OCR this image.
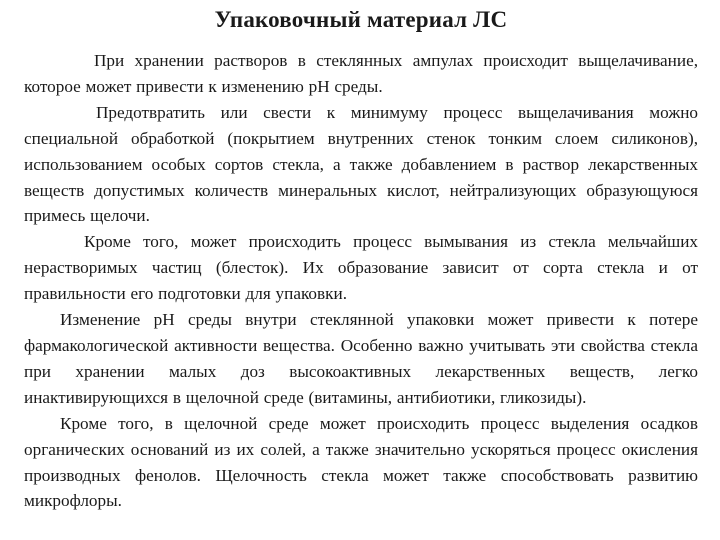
Упаковочный материал ЛС

При хранении растворов в стеклянных ампулах происходит выщелачивание, которое может привести к изменению рН среды.

Предотвратить или свести к минимуму процесс выщелачивания можно специальной обработкой (покрытием внутренних стенок тонким слоем силиконов), использованием особых сортов стекла, а также добавлением в раствор лекарственных веществ допустимых количеств минеральных кислот, нейтрализующих образующуюся примесь щелочи.

Кроме того, может происходить процесс вымывания из стекла мельчайших нерастворимых частиц (блесток). Их образование зависит от сорта стекла и от правильности его подготовки для упаковки.

Изменение рН среды внутри стеклянной упаковки может привести к потере фармакологической активности вещества. Особенно важно учитывать эти свойства стекла при хранении малых доз высокоактивных лекарственных веществ, легко инактивирующихся в щелочной среде (витамины, антибиотики, гликозиды).

Кроме того, в щелочной среде может происходить процесс выделения осадков органических оснований из их солей, а также значительно ускоряться процесс окисления производных фенолов. Щелочность стекла может также способствовать развитию микрофлоры.
